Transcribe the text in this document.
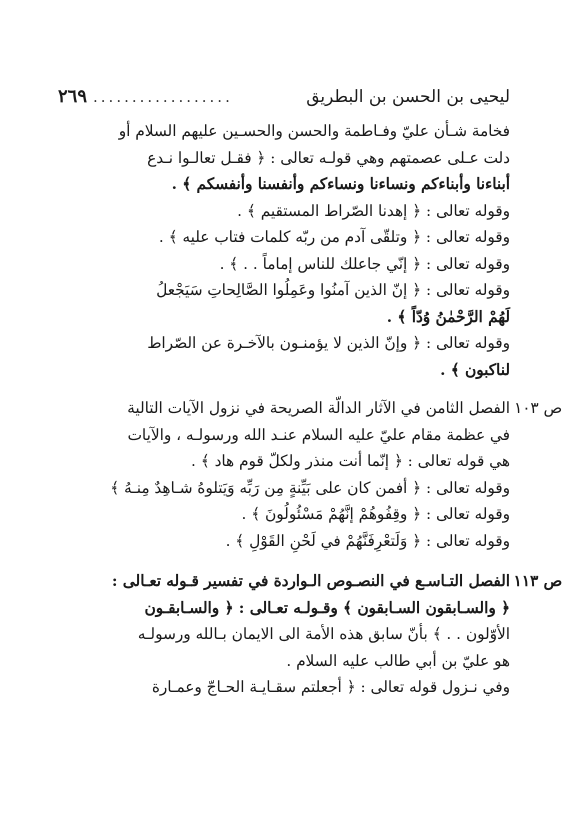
ليحيى بن الحسن بن البطريق
..................
٢٦٩
فخامة شـأن عليّ وفـاطمة والحسن والحسـين عليهم السلام أو
دلت عـلى عصمتهم وهي قولـه تعالى : ﴿ فقـل تعالـوا نـدع
أبناءنا وأبناءكم ونساءنا ونساءكم وأنفسنا وأنفسكم ﴾ .
وقوله تعالى : ﴿ إهدنا الصّراط المستقيم ﴾ .
وقوله تعالى : ﴿ وتلقّى آدم من ربّه كلمات فتاب عليه ﴾ .
وقوله تعالى : ﴿ إنّي جاعلك للناس إماماً . . ﴾ .
وقوله تعالى : ﴿ إنّ الذين آمنُوا وعَمِلُوا الصَّالِحاتِ سَيَجْعلُ
لَهُمْ الرَّحْمٰنُ وُدّاً ﴾ .
وقوله تعالى : ﴿ وإنّ الذين لا يؤمنـون بالآخـرة عن الصّراط
لناكبون ﴾ .
ص ١٠٣
الفصل الثامن في الآثار الدالّة الصريحة في نزول الآيات التالية
في عظمة مقام عليّ عليه السلام عنـد الله ورسولـه ، والآيات
هي قوله تعالى : ﴿ إنّما أنت منذر ولكلّ قوم هاد ﴾ .
وقوله تعالى : ﴿ أفمن كان على بَيِّنةٍ مِن رَبِّه وَيَتلوهُ شـاهِدٌ مِنـهُ ﴾
وقوله تعالى : ﴿ وقِفُوهُمْ إنَّهُمْ مَسْئُولُونَ ﴾ .
وقوله تعالى : ﴿ وَلَتعْرِفَنَّهُمْ في لَحْنِ القَوْلِ ﴾ .
ص ١١٣
الفصل التـاسـع في النصـوص الـواردة في تفسير قـوله تعـالى :
﴿ والسـابقون السـابقون ﴾ وقـولـه تعـالى : ﴿ والسـابقـون
الأوّلون . . ﴾ بأنّ سابق هذه الأمة الى الايمان بـالله ورسولـه
هو عليّ بن أبي طالب عليه السلام .
وفي نـزول قوله تعالى : ﴿ أجعلتم سقـايـة الحـاجّ وعمـارة
